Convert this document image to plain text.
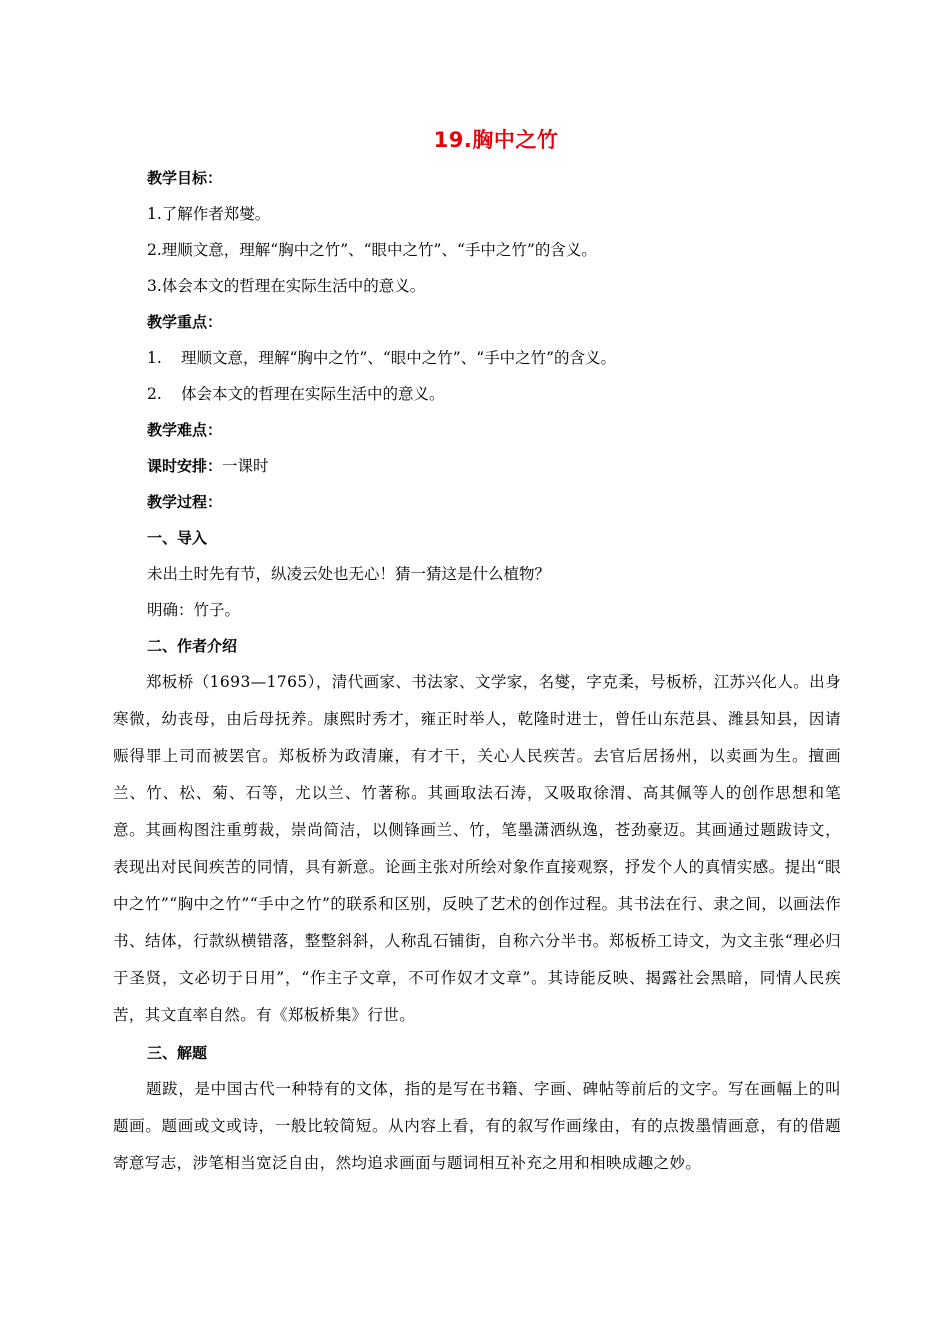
19.胸中之竹
教学目标：
1.了解作者郑燮。
2.理顺文意，理解“胸中之竹”、“眼中之竹”、“手中之竹”的含义。
3.体会本文的哲理在实际生活中的意义。
教学重点：
1. 理顺文意，理解“胸中之竹”、“眼中之竹”、“手中之竹”的含义。
2. 体会本文的哲理在实际生活中的意义。
教学难点：
课时安排：一课时
教学过程：
一、导入
未出土时先有节，纵凌云处也无心！猜一猜这是什么植物？
明确：竹子。
二、作者介绍
郑板桥（1693—1765），清代画家、书法家、文学家，名燮，字克柔，号板桥，江苏兴化人。出身寒微，幼丧母，由后母抚养。康熙时秀才，雍正时举人，乾隆时进士，曾任山东范县、潍县知县，因请赈得罪上司而被罢官。郑板桥为政清廉，有才干，关心人民疾苦。去官后居扬州，以卖画为生。擅画兰、竹、松、菊、石等，尤以兰、竹著称。其画取法石涛，又吸取徐渭、高其佩等人的创作思想和笔意。其画构图注重剪裁，崇尚简洁，以侧锋画兰、竹，笔墨潇洒纵逸，苍劲豪迈。其画通过题跋诗文，表现出对民间疾苦的同情，具有新意。论画主张对所绘对象作直接观察，抒发个人的真情实感。提出“眼中之竹”“胸中之竹”“手中之竹”的联系和区别，反映了艺术的创作过程。其书法在行、隶之间，以画法作书、结体，行款纵横错落，整整斜斜，人称乱石铺街，自称六分半书。郑板桥工诗文，为文主张“理必归于圣贤，文必切于日用”，“作主子文章，不可作奴才文章”。其诗能反映、揭露社会黑暗，同情人民疾苦，其文直率自然。有《郑板桥集》行世。
三、解题
题跋，是中国古代一种特有的文体，指的是写在书籍、字画、碑帖等前后的文字。写在画幅上的叫题画。题画或文或诗，一般比较简短。从内容上看，有的叙写作画缘由，有的点拨墨情画意，有的借题寄意写志，涉笔相当宽泛自由，然均追求画面与题词相互补充之用和相映成趣之妙。
